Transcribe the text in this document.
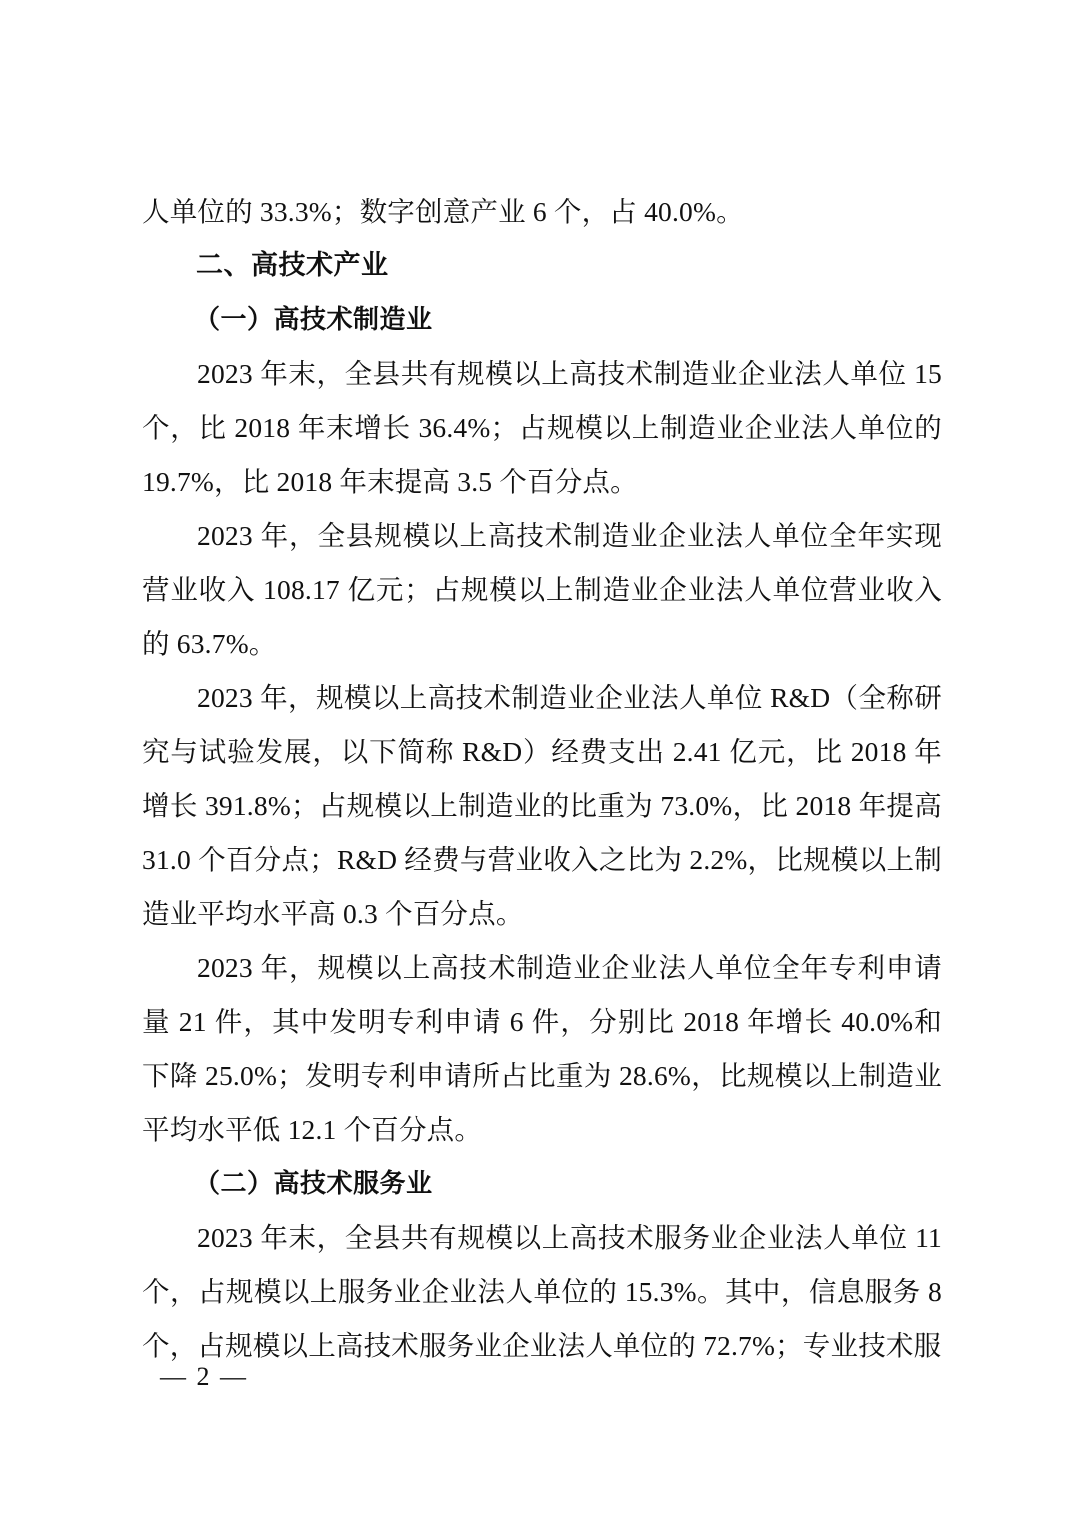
人单位的 33.3%；数字创意产业 6 个，占 40.0%。

二、高技术产业

（一）高技术制造业

2023 年末，全县共有规模以上高技术制造业企业法人单位 15 个，比 2018 年末增长 36.4%；占规模以上制造业企业法人单位的 19.7%，比 2018 年末提高 3.5 个百分点。

2023 年，全县规模以上高技术制造业企业法人单位全年实现营业收入 108.17 亿元；占规模以上制造业企业法人单位营业收入的 63.7%。

2023 年，规模以上高技术制造业企业法人单位 R&D（全称研究与试验发展，以下简称 R&D）经费支出 2.41 亿元，比 2018 年增长 391.8%；占规模以上制造业的比重为 73.0%，比 2018 年提高 31.0 个百分点；R&D 经费与营业收入之比为 2.2%，比规模以上制造业平均水平高 0.3 个百分点。

2023 年，规模以上高技术制造业企业法人单位全年专利申请量 21 件，其中发明专利申请 6 件，分别比 2018 年增长 40.0%和下降 25.0%；发明专利申请所占比重为 28.6%，比规模以上制造业平均水平低 12.1 个百分点。

（二）高技术服务业

2023 年末，全县共有规模以上高技术服务业企业法人单位 11 个，占规模以上服务业企业法人单位的 15.3%。其中，信息服务 8 个，占规模以上高技术服务业企业法人单位的 72.7%；专业技术服

— 2 —
